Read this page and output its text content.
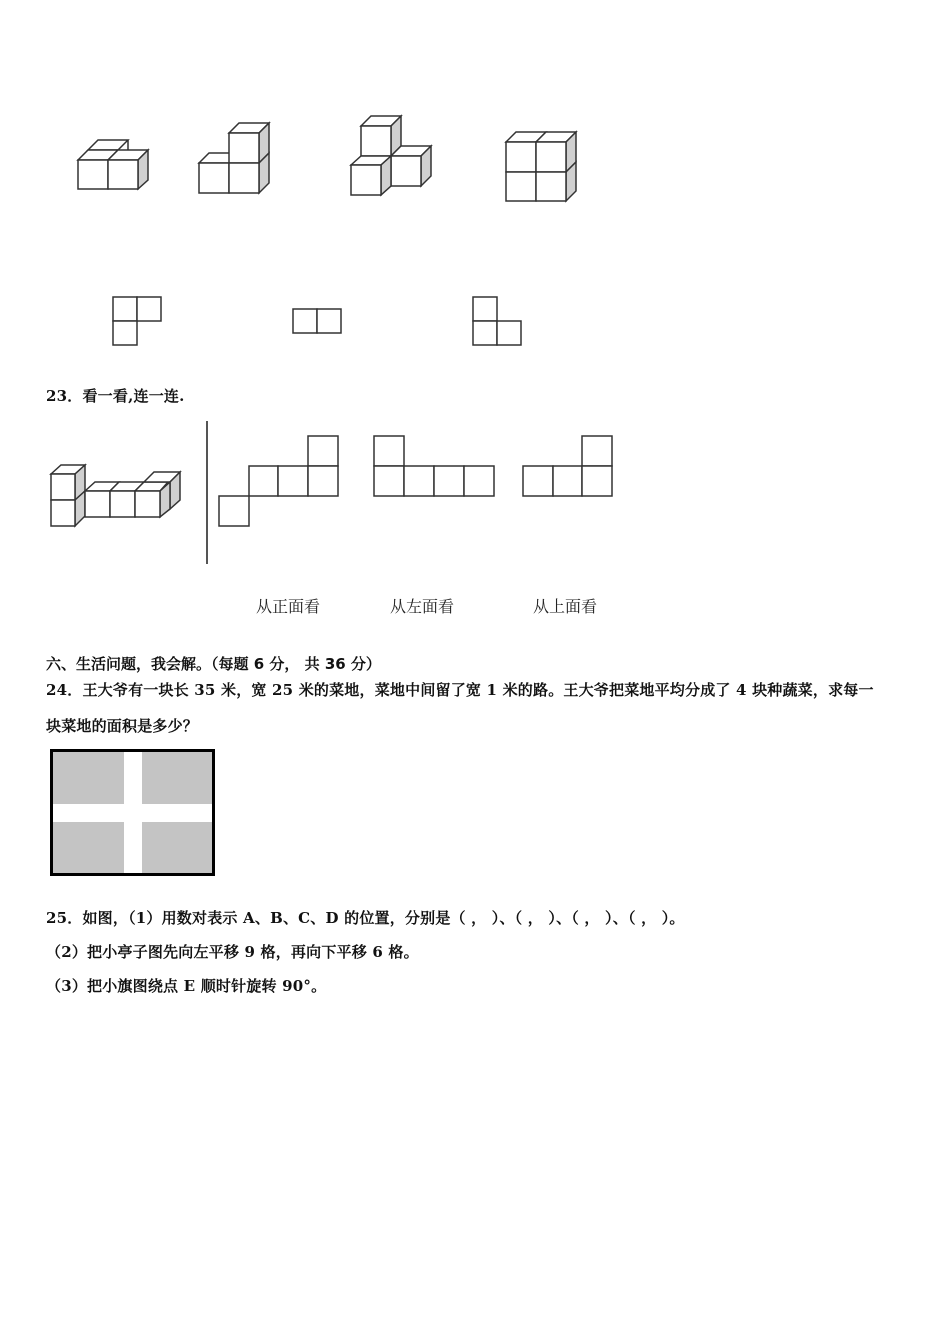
23．看一看,连一连.
从正面看	从左面看	从上面看
六、生活问题，我会解。（每题 6 分， 共 36 分）
24．王大爷有一块长 35 米，宽 25 米的菜地，菜地中间留了宽 1 米的路。王大爷把菜地平均分成了 4 块种蔬菜，求每一
块菜地的面积是多少？
25．如图，（1）用数对表示 A、B、C、D 的位置，分别是（ ， ）、（ ， ）、（ ， ）、（ ， ）。
（2）把小亭子图先向左平移 9 格，再向下平移 6 格。
（3）把小旗图绕点 E 顺时针旋转 90°。
